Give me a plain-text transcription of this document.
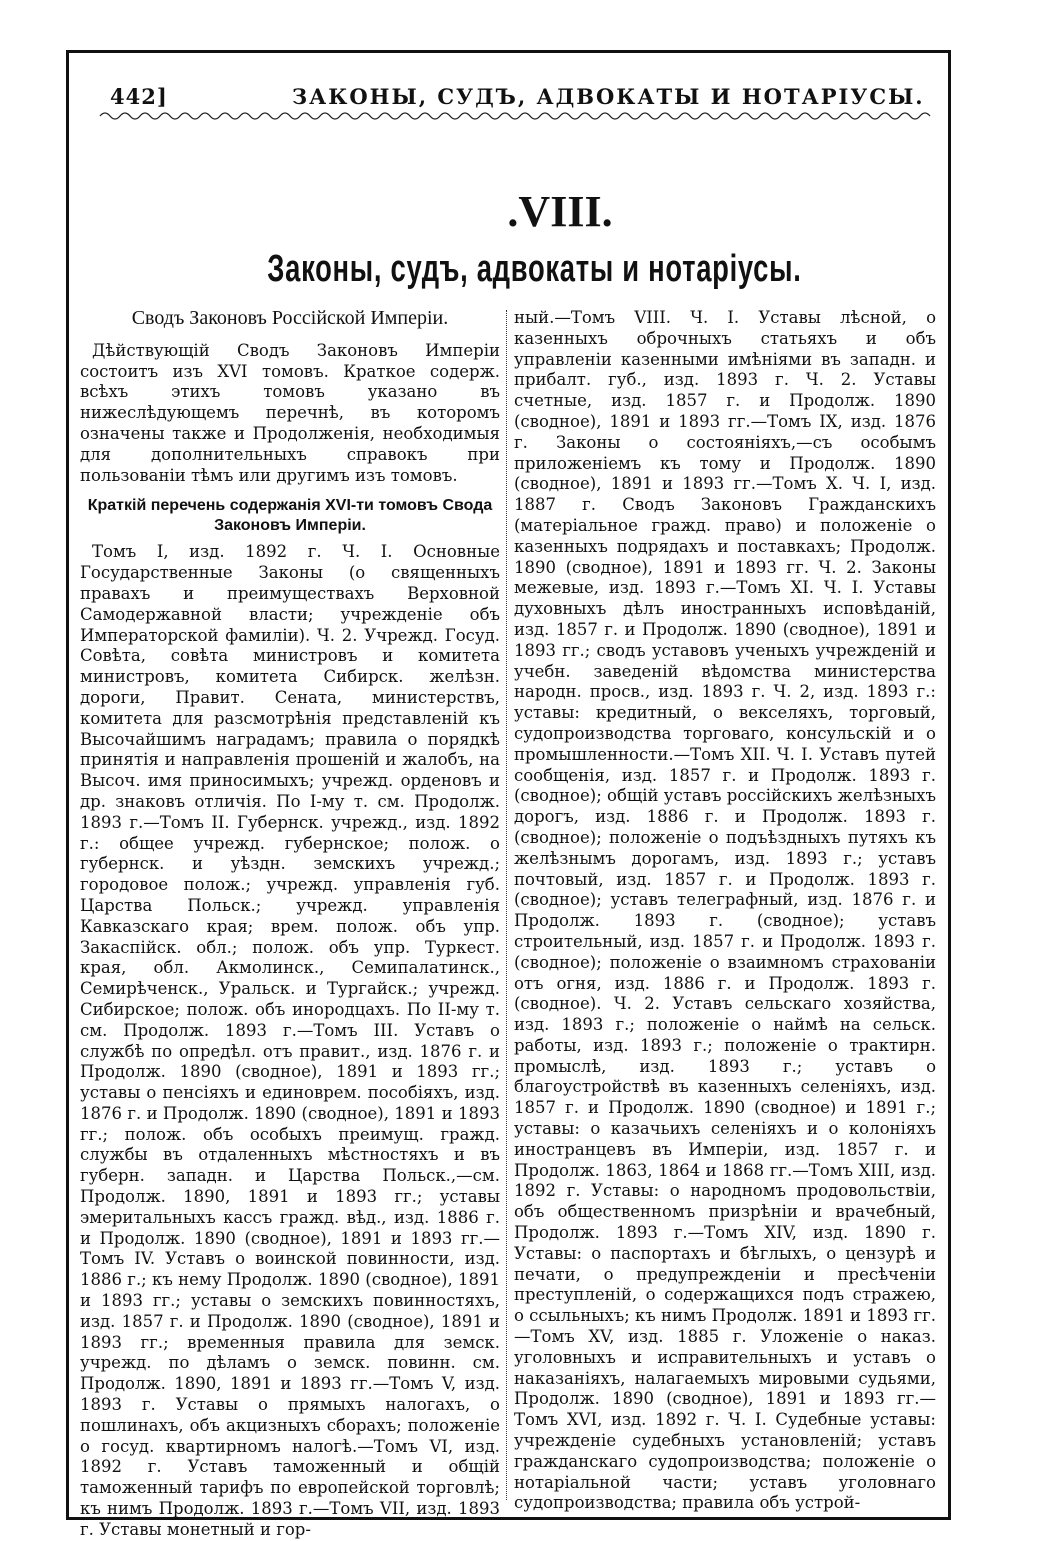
442]	ЗАКОНЫ, СУДЪ, АДВОКАТЫ И НОТАРІУСЫ.
.VIII.
Законы, судъ, адвокаты и нотаріусы.
Сводъ Законовъ Россійской Имперіи.

Дѣйствующій Сводъ Законовъ Имперіи состоитъ изъ XVI томовъ. Краткое содерж. всѣхъ этихъ томовъ указано въ нижеслѣдующемъ перечнѣ, въ которомъ означены также и Продолженія, необходимыя для дополнительныхъ справокъ при пользованіи тѣмъ или другимъ изъ томовъ.

Краткій перечень содержанія XVI-ти томовъ Свода Законовъ Имперіи.

Томъ I, изд. 1892 г. Ч. I. Основные Государственные Законы (о священныхъ правахъ и преимуществахъ Верховной Самодержавной власти; учрежденіе объ Императорской фамиліи). Ч. 2. Учрежд. Госуд. Совѣта, совѣта министровъ и комитета министровъ, комитета Сибирск. желѣзн. дороги, Правит. Сената, министерствъ, комитета для разсмотрѣнія представленій къ Высочайшимъ наградамъ; правила о порядкѣ принятія и направленія прошеній и жалобъ, на Высоч. имя приносимыхъ; учрежд. орденовъ и др. знаковъ отличія. По I-му т. см. Продолж. 1893 г.—Томъ II. Губернск. учрежд., изд. 1892 г.: общее учрежд. губернское; полож. о губернск. и уѣздн. земскихъ учрежд.; городовое полож.; учрежд. управленія губ. Царства Польск.; учрежд. управленія Кавказскаго края; врем. полож. объ упр. Закаспійск. обл.; полож. объ упр. Туркест. края, обл. Акмолинск., Семипалатинск., Семирѣченск., Уральск. и Тургайск.; учрежд. Сибирское; полож. объ инородцахъ. По II-му т. см. Продолж. 1893 г.—Томъ III. Уставъ о службѣ по опредѣл. отъ правит., изд. 1876 г. и Продолж. 1890 (сводное), 1891 и 1893 гг.; уставы о пенсіяхъ и единоврем. пособіяхъ, изд. 1876 г. и Продолж. 1890 (сводное), 1891 и 1893 гг.; полож. объ особыхъ преимущ. гражд. службы въ отдаленныхъ мѣстностяхъ и въ губерн. западн. и Царства Польск.,—см. Продолж. 1890, 1891 и 1893 гг.; уставы эмеритальныхъ кассъ гражд. вѣд., изд. 1886 г. и Продолж. 1890 (сводное), 1891 и 1893 гг.—Томъ IV. Уставъ о воинской повинности, изд. 1886 г.; къ нему Продолж. 1890 (сводное), 1891 и 1893 гг.; уставы о земскихъ повинностяхъ, изд. 1857 г. и Продолж. 1890 (сводное), 1891 и 1893 гг.; временныя правила для земск. учрежд. по дѣламъ о земск. повинн. см. Продолж. 1890, 1891 и 1893 гг.—Томъ V, изд. 1893 г. Уставы о прямыхъ налогахъ, о пошлинахъ, объ акцизныхъ сборахъ; положеніе о госуд. квартирномъ налогѣ.—Томъ VI, изд. 1892 г. Уставъ таможенный и общій таможенный тарифъ по европейской торговлѣ; къ нимъ Продолж. 1893 г.—Томъ VII, изд. 1893 г. Уставы монетный и гор-

ный.—Томъ VIII. Ч. I. Уставы лѣсной, о казенныхъ оброчныхъ статьяхъ и объ управленіи казенными имѣніями въ западн. и прибалт. губ., изд. 1893 г. Ч. 2. Уставы счетные, изд. 1857 г. и Продолж. 1890 (сводное), 1891 и 1893 гг.—Томъ IX, изд. 1876 г. Законы о состояніяхъ,—съ особымъ приложеніемъ къ тому и Продолж. 1890 (сводное), 1891 и 1893 гг.—Томъ X. Ч. I, изд. 1887 г. Сводъ Законовъ Гражданскихъ (матеріальное гражд. право) и положеніе о казенныхъ подрядахъ и поставкахъ; Продолж. 1890 (сводное), 1891 и 1893 гг. Ч. 2. Законы межевые, изд. 1893 г.—Томъ XI. Ч. I. Уставы духовныхъ дѣлъ иностранныхъ исповѣданій, изд. 1857 г. и Продолж. 1890 (сводное), 1891 и 1893 гг.; сводъ уставовъ ученыхъ учрежденій и учебн. заведеній вѣдомства министерства народн. просв., изд. 1893 г. Ч. 2, изд. 1893 г.: уставы: кредитный, о векселяхъ, торговый, судопроизводства торговаго, консульскій и о промышленности.—Томъ XII. Ч. I. Уставъ путей сообщенія, изд. 1857 г. и Продолж. 1893 г. (сводное); общій уставъ россійскихъ желѣзныхъ дорогъ, изд. 1886 г. и Продолж. 1893 г. (сводное); положеніе о подъѣздныхъ путяхъ къ желѣзнымъ дорогамъ, изд. 1893 г.; уставъ почтовый, изд. 1857 г. и Продолж. 1893 г. (сводное); уставъ телеграфный, изд. 1876 г. и Продолж. 1893 г. (сводное); уставъ строительный, изд. 1857 г. и Продолж. 1893 г. (сводное); положеніе о взаимномъ страхованіи отъ огня, изд. 1886 г. и Продолж. 1893 г. (сводное). Ч. 2. Уставъ сельскаго хозяйства, изд. 1893 г.; положеніе о наймѣ на сельск. работы, изд. 1893 г.; положеніе о трактирн. промыслѣ, изд. 1893 г.; уставъ о благоустройствѣ въ казенныхъ селеніяхъ, изд. 1857 г. и Продолж. 1890 (сводное) и 1891 г.; уставы: о казачьихъ селеніяхъ и о колоніяхъ иностранцевъ въ Имперіи, изд. 1857 г. и Продолж. 1863, 1864 и 1868 гг.—Томъ XIII, изд. 1892 г. Уставы: о народномъ продовольствіи, объ общественномъ призрѣніи и врачебный, Продолж. 1893 г.—Томъ XIV, изд. 1890 г. Уставы: о паспортахъ и бѣглыхъ, о цензурѣ и печати, о предупрежденіи и пресѣченіи преступленій, о содержащихся подъ стражею, о ссыльныхъ; къ нимъ Продолж. 1891 и 1893 гг.—Томъ XV, изд. 1885 г. Уложеніе о наказ. уголовныхъ и исправительныхъ и уставъ о наказаніяхъ, налагаемыхъ мировыми судьями, Продолж. 1890 (сводное), 1891 и 1893 гг.—Томъ XVI, изд. 1892 г. Ч. I. Судебные уставы: учрежденіе судебныхъ установленій; уставъ гражданскаго судопроизводства; положеніе о нотаріальной части; уставъ уголовнаго судопроизводства; правила объ устрой-
